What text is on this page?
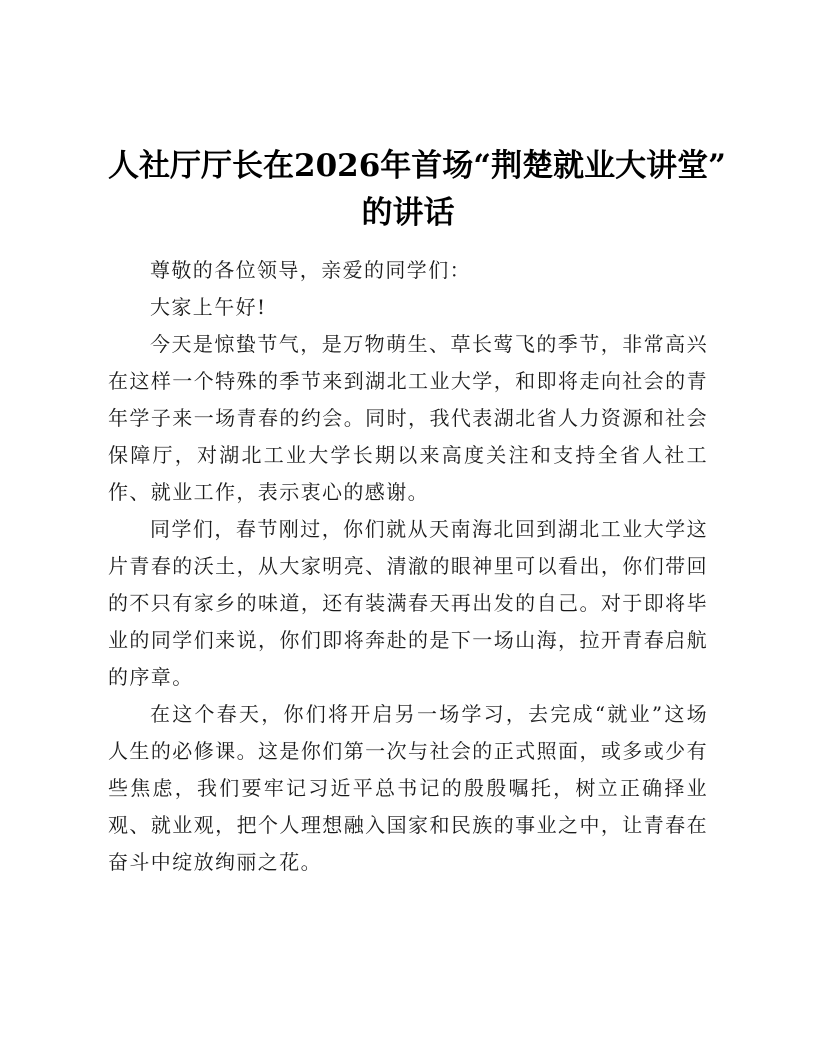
人社厅厅长在2026年首场“荆楚就业大讲堂”
的讲话

尊敬的各位领导，亲爱的同学们：

大家上午好!

今天是惊蛰节气，是万物萌生、草长莺飞的季节，非常高兴在这样一个特殊的季节来到湖北工业大学，和即将走向社会的青年学子来一场青春的约会。同时，我代表湖北省人力资源和社会保障厅，对湖北工业大学长期以来高度关注和支持全省人社工作、就业工作，表示衷心的感谢。

同学们，春节刚过，你们就从天南海北回到湖北工业大学这片青春的沃土，从大家明亮、清澈的眼神里可以看出，你们带回的不只有家乡的味道，还有装满春天再出发的自己。对于即将毕业的同学们来说，你们即将奔赴的是下一场山海，拉开青春启航的序章。

在这个春天，你们将开启另一场学习，去完成“就业”这场人生的必修课。这是你们第一次与社会的正式照面，或多或少有些焦虑，我们要牢记习近平总书记的殷殷嘱托，树立正确择业观、就业观，把个人理想融入国家和民族的事业之中，让青春在奋斗中绽放绚丽之花。
